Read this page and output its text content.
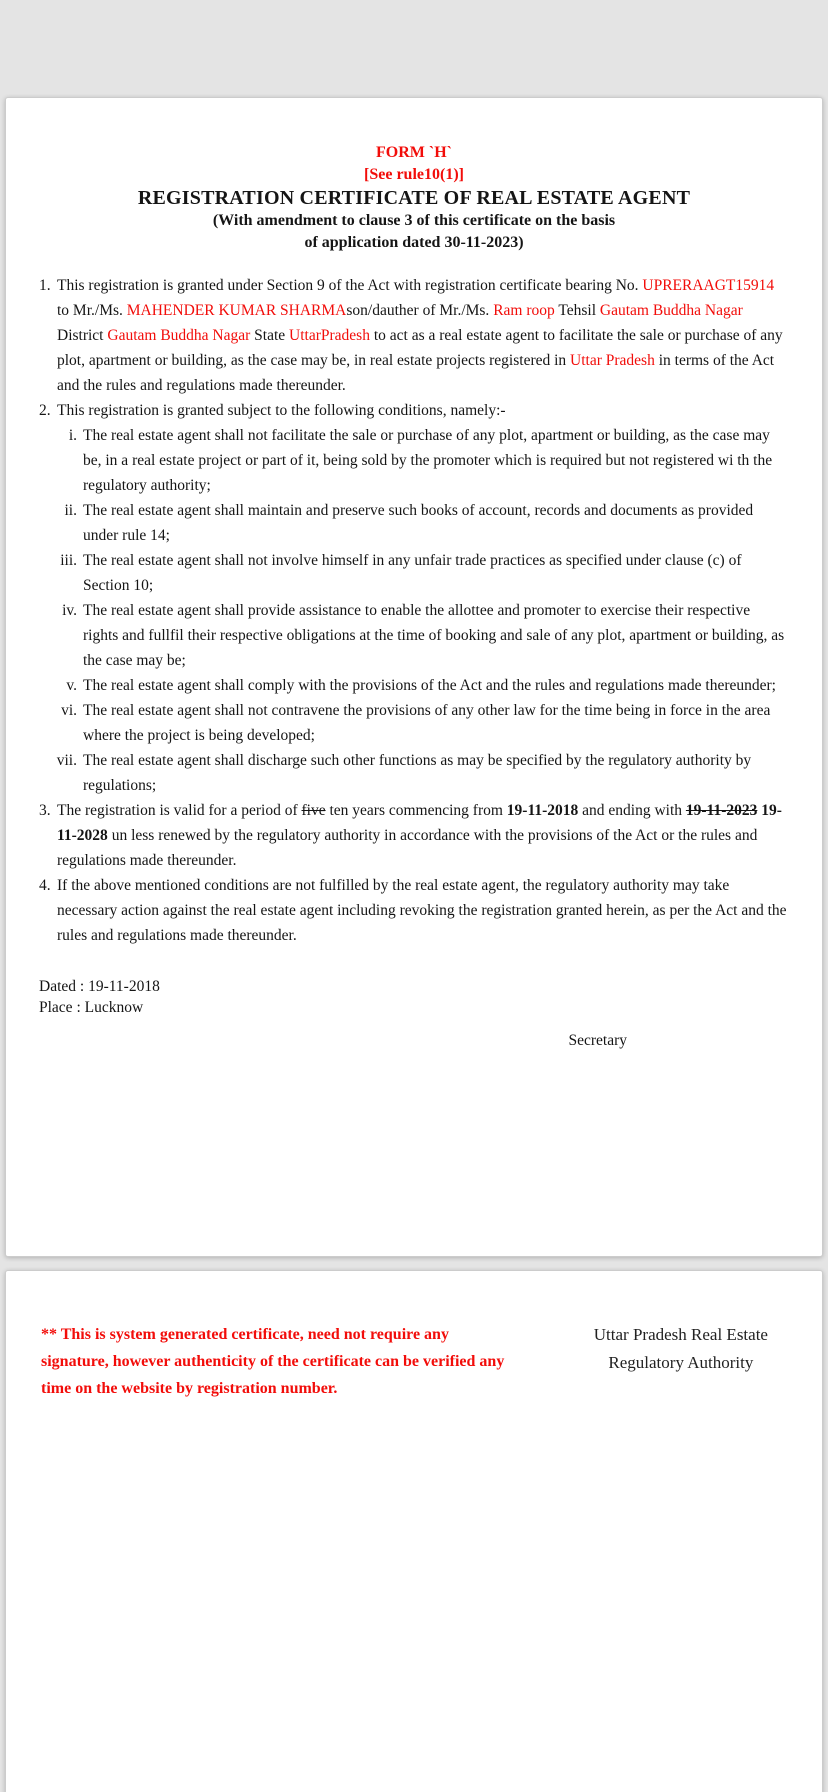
FORM `H`
[See rule10(1)]
REGISTRATION CERTIFICATE OF REAL ESTATE AGENT
(With amendment to clause 3 of this certificate on the basis
of application dated 30-11-2023)
1. This registration is granted under Section 9 of the Act with registration certificate bearing No. UPRERAAGT15914 to Mr./Ms. MAHENDER KUMAR SHARMAson/dauther of Mr./Ms. Ram roop Tehsil Gautam Buddha Nagar District Gautam Buddha Nagar State UttarPradesh to act as a real estate agent to facilitate the sale or purchase of any plot, apartment or building, as the case may be, in real estate projects registered in Uttar Pradesh in terms of the Act and the rules and regulations made thereunder.
2. This registration is granted subject to the following conditions, namely:-
i. The real estate agent shall not facilitate the sale or purchase of any plot, apartment or building, as the case may be, in a real estate project or part of it, being sold by the promoter which is required but not registered wi th the regulatory authority;
ii. The real estate agent shall maintain and preserve such books of account, records and documents as provided under rule 14;
iii. The real estate agent shall not involve himself in any unfair trade practices as specified under clause (c) of Section 10;
iv. The real estate agent shall provide assistance to enable the allottee and promoter to exercise their respective rights and fullfil their respective obligations at the time of booking and sale of any plot, apartment or building, as the case may be;
v. The real estate agent shall comply with the provisions of the Act and the rules and regulations made thereunder;
vi. The real estate agent shall not contravene the provisions of any other law for the time being in force in the area where the project is being developed;
vii. The real estate agent shall discharge such other functions as may be specified by the regulatory authority by regulations;
3. The registration is valid for a period of five ten years commencing from 19-11-2018 and ending with 19-11-2023 19-11-2028 un less renewed by the regulatory authority in accordance with the provisions of the Act or the rules and regulations made thereunder.
4. If the above mentioned conditions are not fulfilled by the real estate agent, the regulatory authority may take necessary action against the real estate agent including revoking the registration granted herein, as per the Act and the rules and regulations made thereunder.
Dated : 19-11-2018
Place : Lucknow
Secretary
** This is system generated certificate, need not require any
signature, however authenticity of the certificate can be verified any
time on the website by registration number.
Uttar Pradesh Real Estate
Regulatory Authority
